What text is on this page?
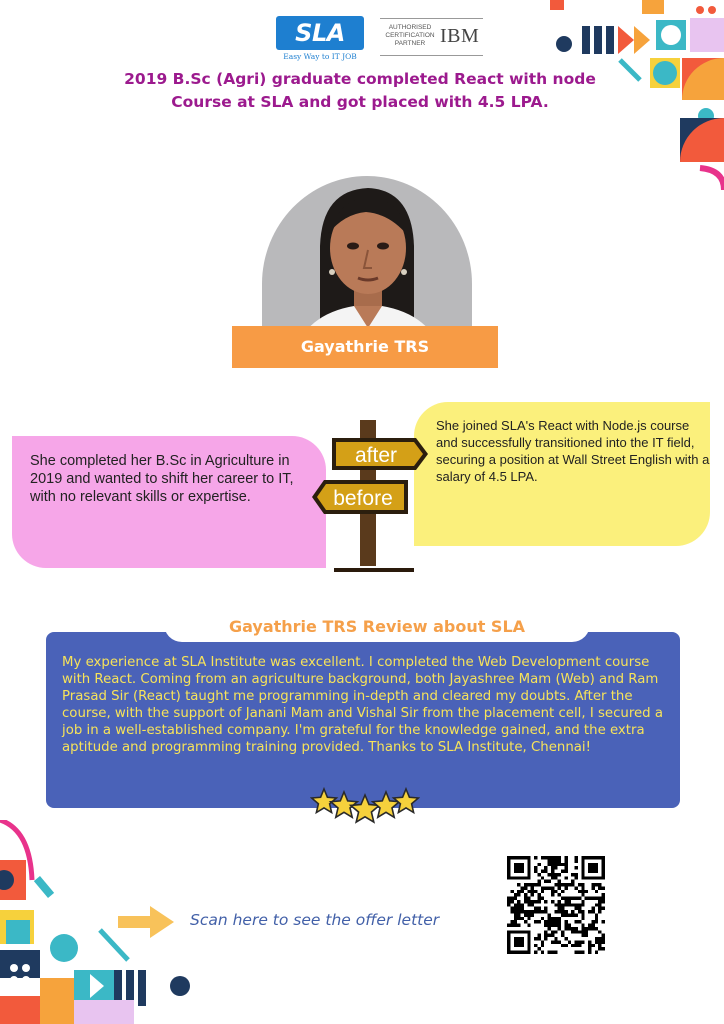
SLA
Easy Way to IT JOB
AUTHORISED
CERTIFICATION
PARTNER IBM
2019 B.Sc (Agri) graduate completed React with node
Course at SLA and got placed with 4.5 LPA.
Gayathrie TRS
She completed her B.Sc in Agriculture in 2019 and wanted to shift her career to IT, with no relevant skills or expertise.
She joined SLA's React with Node.js course and successfully transitioned into the IT field, securing a position at Wall Street English with a salary of 4.5 LPA.
after
before
Gayathrie TRS Review about SLA
My experience at SLA Institute was excellent. I completed the Web Development course with React. Coming from an agriculture background, both Jayashree Mam (Web) and Ram Prasad Sir (React) taught me programming in-depth and cleared my doubts. After the course, with the support of Janani Mam and Vishal Sir from the placement cell, I secured a job in a well-established company. I'm grateful for the knowledge gained, and the extra aptitude and programming training provided. Thanks to SLA Institute, Chennai!
Scan here to see the offer letter
